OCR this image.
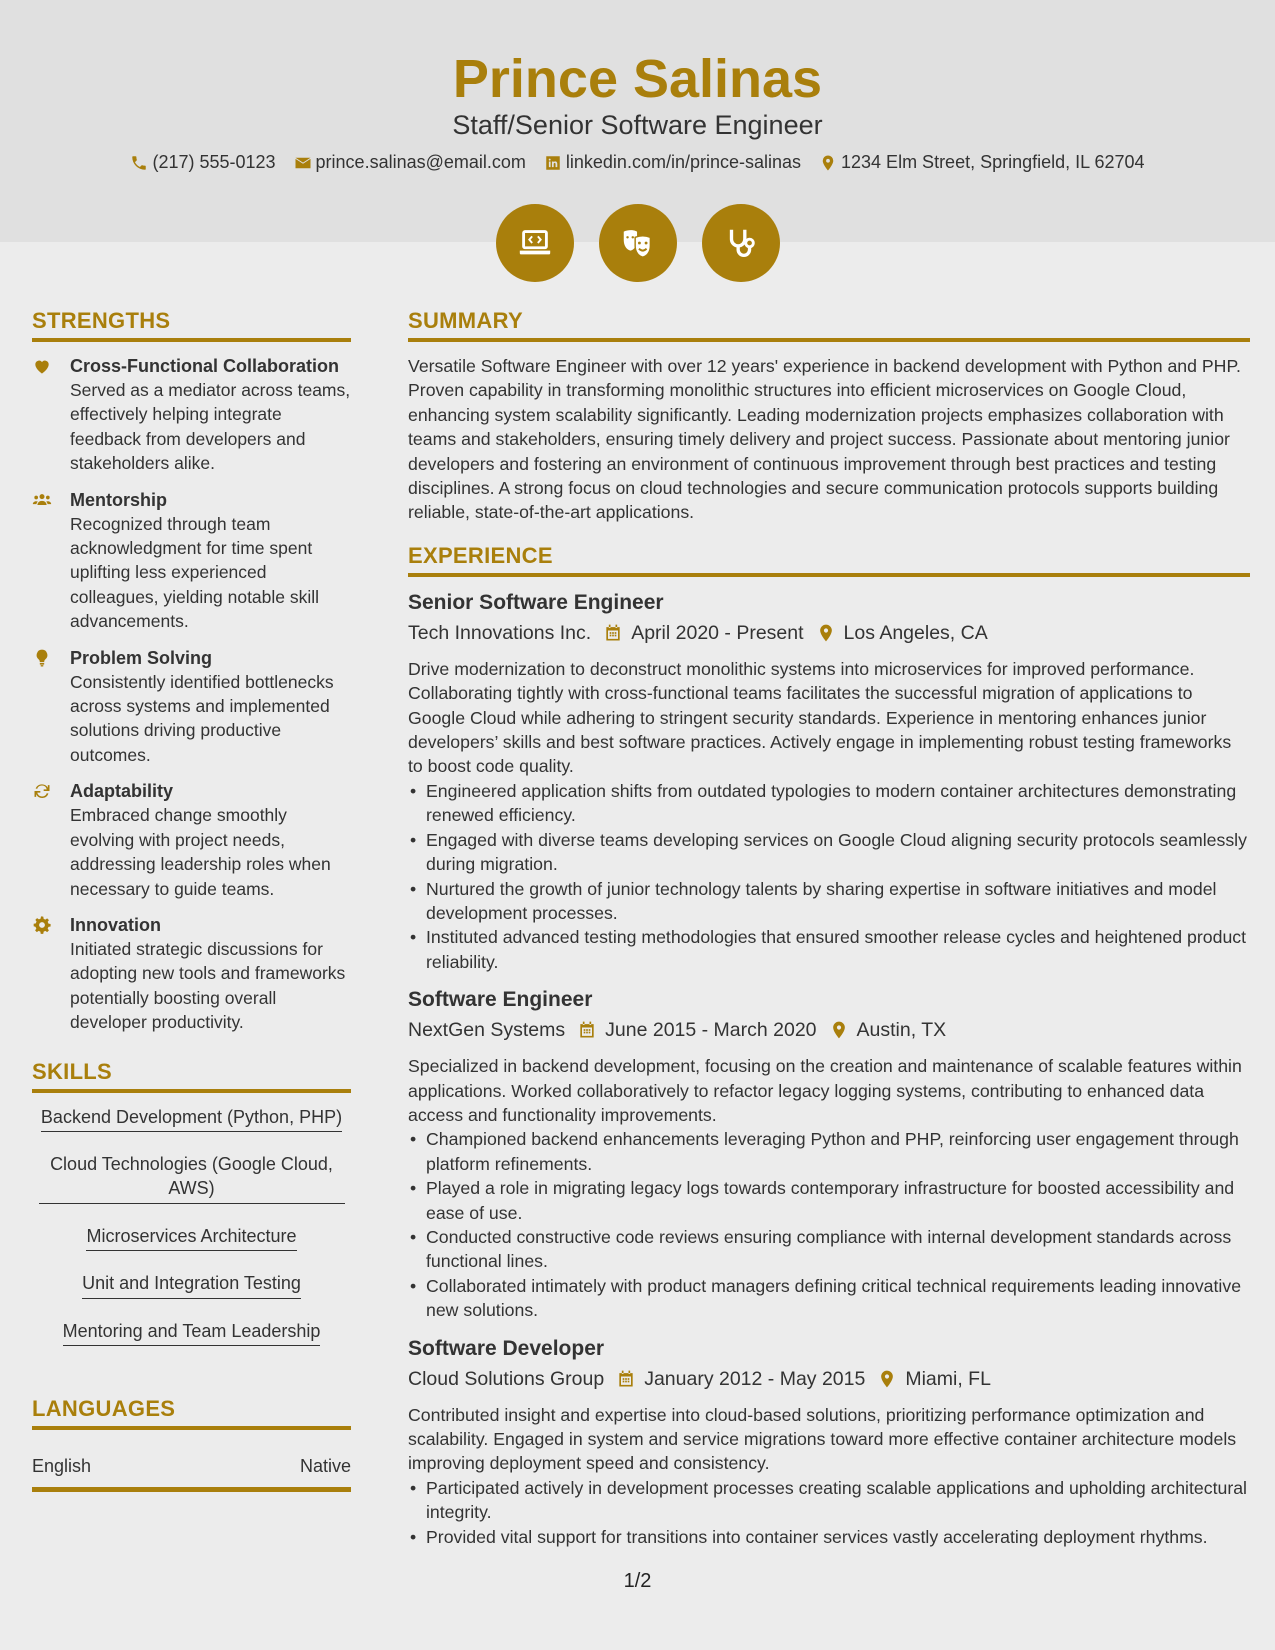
Prince Salinas
Staff/Senior Software Engineer
(217) 555-0123 prince.salinas@email.com linkedin.com/in/prince-salinas 1234 Elm Street, Springfield, IL 62704
STRENGTHS
Cross-Functional Collaboration
Served as a mediator across teams, effectively helping integrate feedback from developers and stakeholders alike.
Mentorship
Recognized through team acknowledgment for time spent uplifting less experienced colleagues, yielding notable skill advancements.
Problem Solving
Consistently identified bottlenecks across systems and implemented solutions driving productive outcomes.
Adaptability
Embraced change smoothly evolving with project needs, addressing leadership roles when necessary to guide teams.
Innovation
Initiated strategic discussions for adopting new tools and frameworks potentially boosting overall developer productivity.
SKILLS
Backend Development (Python, PHP)
Cloud Technologies (Google Cloud, AWS)
Microservices Architecture
Unit and Integration Testing
Mentoring and Team Leadership
LANGUAGES
English	Native
SUMMARY
Versatile Software Engineer with over 12 years' experience in backend development with Python and PHP. Proven capability in transforming monolithic structures into efficient microservices on Google Cloud, enhancing system scalability significantly. Leading modernization projects emphasizes collaboration with teams and stakeholders, ensuring timely delivery and project success. Passionate about mentoring junior developers and fostering an environment of continuous improvement through best practices and testing disciplines. A strong focus on cloud technologies and secure communication protocols supports building reliable, state-of-the-art applications.
EXPERIENCE
Senior Software Engineer
Tech Innovations Inc. April 2020 - Present Los Angeles, CA
Drive modernization to deconstruct monolithic systems into microservices for improved performance. Collaborating tightly with cross-functional teams facilitates the successful migration of applications to Google Cloud while adhering to stringent security standards. Experience in mentoring enhances junior developers’ skills and best software practices. Actively engage in implementing robust testing frameworks to boost code quality.
• Engineered application shifts from outdated typologies to modern container architectures demonstrating renewed efficiency.
• Engaged with diverse teams developing services on Google Cloud aligning security protocols seamlessly during migration.
• Nurtured the growth of junior technology talents by sharing expertise in software initiatives and model development processes.
• Instituted advanced testing methodologies that ensured smoother release cycles and heightened product reliability.
Software Engineer
NextGen Systems June 2015 - March 2020 Austin, TX
Specialized in backend development, focusing on the creation and maintenance of scalable features within applications. Worked collaboratively to refactor legacy logging systems, contributing to enhanced data access and functionality improvements.
• Championed backend enhancements leveraging Python and PHP, reinforcing user engagement through platform refinements.
• Played a role in migrating legacy logs towards contemporary infrastructure for boosted accessibility and ease of use.
• Conducted constructive code reviews ensuring compliance with internal development standards across functional lines.
• Collaborated intimately with product managers defining critical technical requirements leading innovative new solutions.
Software Developer
Cloud Solutions Group January 2012 - May 2015 Miami, FL
Contributed insight and expertise into cloud-based solutions, prioritizing performance optimization and scalability. Engaged in system and service migrations toward more effective container architecture models improving deployment speed and consistency.
• Participated actively in development processes creating scalable applications and upholding architectural integrity.
• Provided vital support for transitions into container services vastly accelerating deployment rhythms.
1/2
